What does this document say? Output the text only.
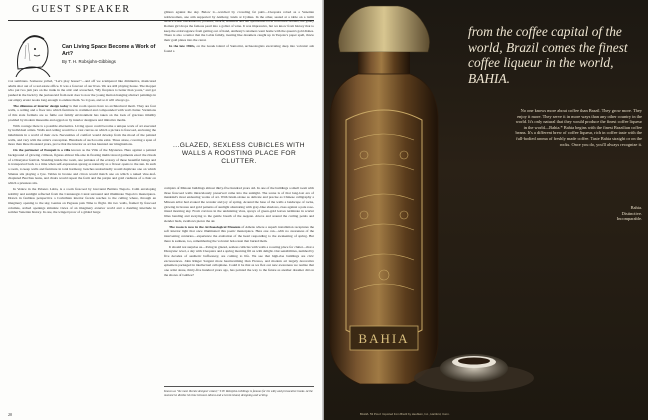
GUEST SPEAKER
Can Living Space Become a Work of Art?
By T. H. Robsjohn-Gibbings

vox sembrans. Someone yelled, "Let's play house!"—and off we scampered like diminutive, manicured adults shot out of a real estate office. It was a forecast of our lives. We are still playing house. The moppet who put two jam jars on the trunk in the attic and screeched, "My fireplace is better than yours," and got pushed in the back by the jealous kid from next door is now the young matron hanging abstract paintings in our empty ersatz nooks long enough to endure them. So it goes, and so it will always go.

The dilemma of interior design today is that room spaces have no architectural merit. They are four walls, a ceiling and a floor into which furniture is crammed and compounded with wall clutter. Variations of this stale formula are so futile our family environment has taken on the look of gracious timidity prodded by modern museums and egged on by interior designers and imitative media.

With courage there is a possible alternative. Living space could become a unique work of art executed by individual artists. Walls and ceiling would be a vast canvas on which a picture is frescoed, enclosing the inhabitants in a world of their own. Necessities of comfort would develop from the mood of the painted walls, and vary with the artist's conception. Hundreds of such rooms exist. Three alone, covering a span of more than three thousand years, prove that the interior as art has haunted our imaginations.

On the perimeter of Pompeii is a villa known as the Villa of the Mysteries. Here against a painted background of glowing crimson, figures almost life-size in floating multicolored garments enact the rituals of a Dionysiac festival. Standing inside the room, one partakes of the ecstasy of these beautiful beings and is transported back to a time when self-expression sprang as naturally as a flower opens to the sun. In such a room, to keep walls and furniture in total harmony, benches undoubtedly would duplicate one on which Silenus sits playing a lyre. Tables in bronze and citron would match one on which a naked vine-leaf-chapleted Bacchus leans, and chairs would repeat the form and the purple and gold cushions of a chair on which a priestess sits.

In Venice in the Palazzo Labia, is a room frescoed by Giovanni Battista Tiepolo. Calm enveloping nobility and sunlight reflected from the Cannaregio Canal surround and illuminate Tiepolo's masterpiece. Drawn in faultless perspective a Corinthian interior facade reaches to the ceiling where, through an imaginary opening to the sky, Genius on Pegasus puts Time to flight. On two walls, framed by frescoed columns, arched openings simulate views of an imaginary exterior world and a dazzling interlude in somber Venetian history. In one, the winged prow of a gilded barge

glitters against the sky. Below it—watched by crowding fat putti—Cleopatra robed as a Venetian noblewoman, one arm supported by Anthony, lands at Cydnus. In the other, seated at a table on a twilit terrace while blackamoors, poodles, dwarfs, sentinels and her spellbound lover hold their breaths, the gaudy Roman girl drops the famous pearl into a goblet of wine. It was impressive, but we know from history that to keep the extravagance from getting out of hand, Anthony's retainers went home with the queen's gold dishes. There is also a rumor that the Labia family, treating like dreamers caught up in Tiepolo's paper spell, threw their gold plates into the canal.

In the late 1960s, on the Greek island of Santorini, archaeologists excavating deep into volcanic ash found a

...GLAZED, SEXLESS CUBICLES WITH WALLS A ROOSTING PLACE FOR CLUTTER.

complex of Minoan buildings almost thirty-five hundred years old. In one of the buildings a small room with three frescoed walls miraculously preserved came into the sunlight. The scene is of that long-lost era of mankind's most endearing works of art. With brush-stroke as delicate and precise as Chinese calligraphy a Minoan artist had evoked the wonder and joy of spring. Around the base of the walls a landscape of rocks, glowing in bronze and gold patterns of sunlight alternating with gray-blue shadows, rises against a pale rose-tinted morning sky. From crevices in the undulating vista, sprays of green-gold leaves terminate in scarlet lilies bending and swaying to the gentle breath of the Aegean. Above and around the curling petals and slender buds, swallows pierce the air.

The room is now in the Archaeological Museum of Athens where a superb installation recaptures the soft interior light that once illuminated this poetic masterpiece. Here one can—with no awareness of the intervening centuries—experience the exaltation of the heart responding to the awakening of spring. But there is sadness, too, remembering the volcanic holocaust that buried them.

It should not surprise us—living in glazed, sexless cubicles with walls a roosting place for clutter—that a Dionysiac revel, a day with Cleopatra and a spring morning fill us with delight. Our sensibilities, numbed by five decades of aesthetic buffoonery, are coming to life. We see that high-rise buildings are civic excrescences. John Ringer Sargent more heartwarming than Picasso, and modern art largely decorative ephemera packaged in intellectual cellophane. Could it be that as we flex our new awareness we realize that one artist alone, thirty-five hundred years ago, has pointed the way to the future as another dreamer did on the shores of Galilee?

Known as "the most literate designer extant," T. H. Robsjohn-Gibbings is famous for his witty and provocative books. At the moment he divides his time between Athens and a Greek island, designing and writing.
20
BAHIA
from the coffee capital of the world, Brazil comes the finest coffee liqueur in the world, BAHIA.
No one knows more about coffee than Brazil. They grow more. They enjoy it more. They serve it in more ways than any other country in the world. It's only natural that they would produce the finest coffee liqueur in the world—Bahia.* Bahia begins with the finest Brazilian coffee beans. It's a different brew of coffee liqueur, rich in coffee taste with the full-bodied aroma of freshly made coffee. Taste Bahia straight or on the rocks. Once you do, you'll always recognize it.
Bahia.
Distinctive.
Incomparable.
BAHIA. 53 Proof. Imported from Brazil by Heublein, Inc., Hartford, Conn.
